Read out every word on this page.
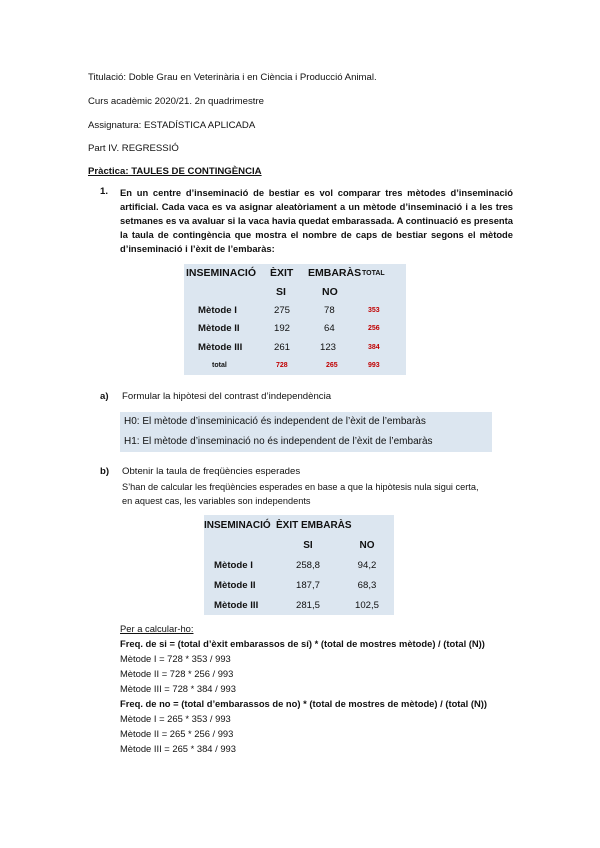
Titulació: Doble Grau en Veterinària i en Ciència i Producció Animal.
Curs acadèmic 2020/21. 2n quadrimestre
Assignatura: ESTADÍSTICA APLICADA
Part IV. REGRESSIÓ
Pràctica: TAULES DE CONTINGÈNCIA
1. En un centre d’inseminació de bestiar es vol comparar tres mètodes d’inseminació artificial. Cada vaca es va asignar aleatòriament a un mètode d’inseminació i a les tres setmanes es va avaluar si la vaca havia quedat embarassada. A continuació es presenta la taula de contingència que mostra el nombre de caps de bestiar segons el mètode d’inseminació i l’èxit de l’embaràs:
INSEMINACIÓ	ÈXIT	EMBARÀS	TOTAL
	SI	NO	
Mètode I	275	78	353
Mètode II	192	64	256
Mètode III	261	123	384
total	728	265	993
a) Formular la hipòtesi del contrast d’independència
H0: El mètode d’inseminicació és independent de l’èxit de l’embaràs
H1: El mètode d’inseminació no és independent de l’èxit de l’embaràs
b) Obtenir la taula de freqüències esperades
S’han de calcular les freqüències esperades en base a que la hipòtesis nula sigui certa,
en aquest cas, les variables son independents
INSEMINACIÓ	ÈXIT EMBARÀS	
	SI	NO
Mètode I	258,8	94,2
Mètode II	187,7	68,3
Mètode III	281,5	102,5
Per a calcular-ho:
Freq. de si = (total d’èxit embarassos de sí) * (total de mostres mètode) / (total (N))
Mètode I = 728 * 353 / 993
Mètode II = 728 * 256 / 993
Mètode III = 728 * 384 / 993
Freq. de no = (total d’embarassos de no) * (total de mostres de mètode) / (total (N))
Mètode I = 265 * 353 / 993
Mètode II = 265 * 256 / 993
Mètode III = 265 * 384 / 993
